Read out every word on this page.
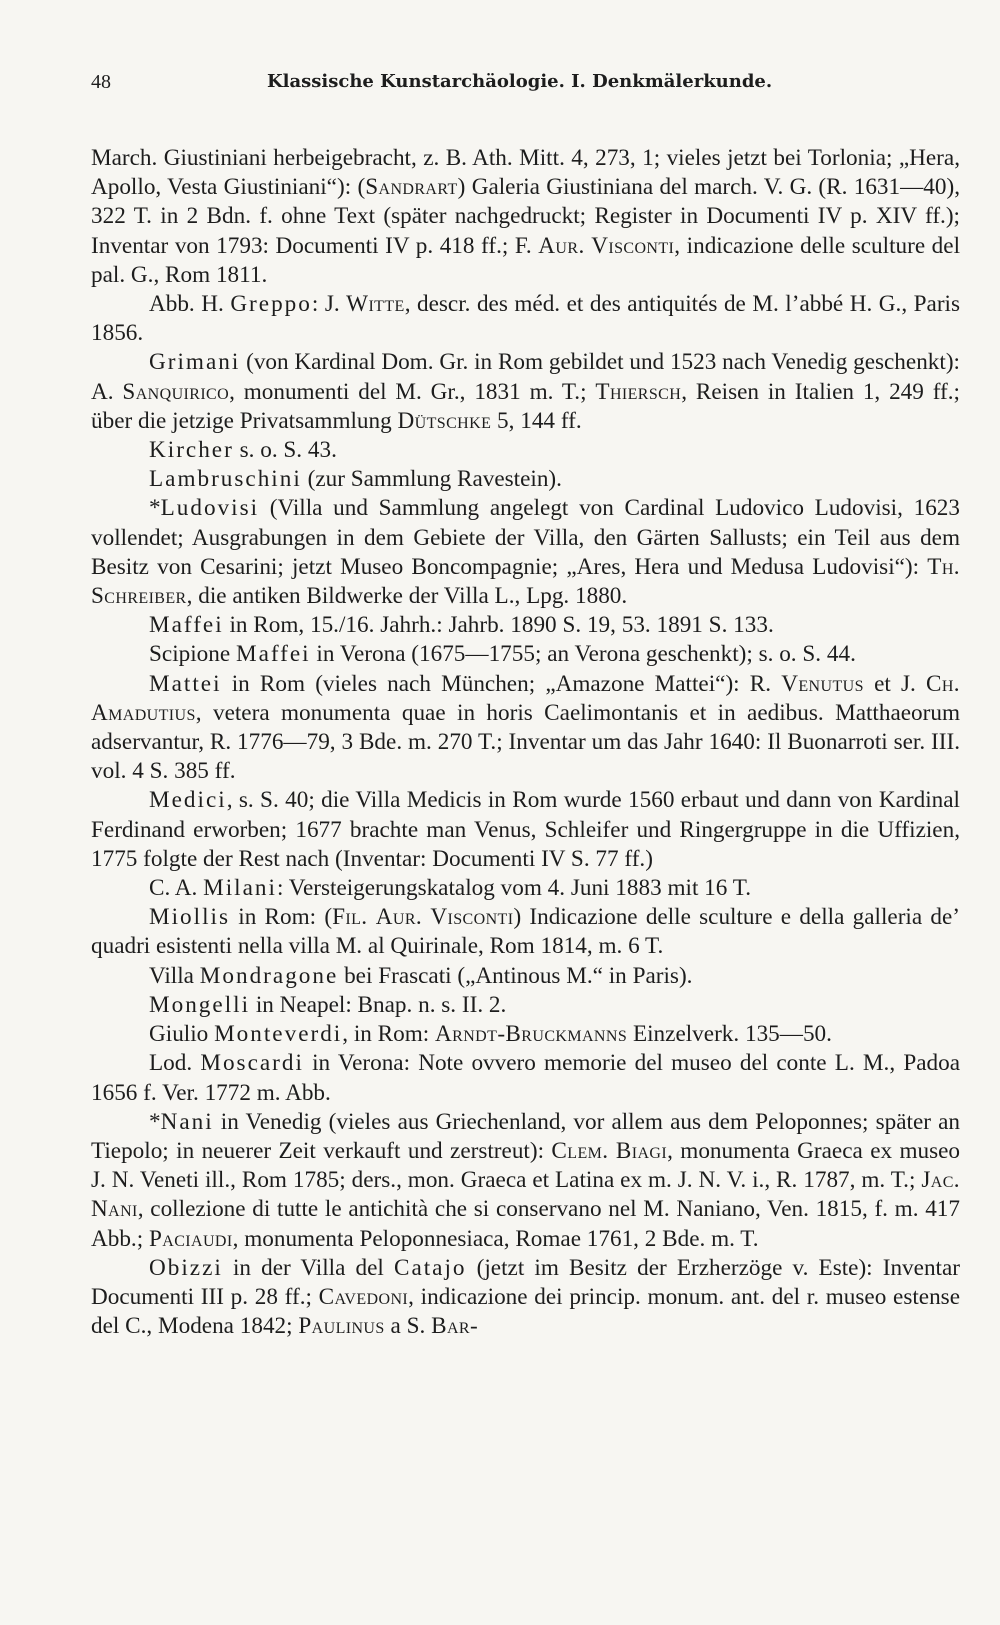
48	Klassische Kunstarchäologie. I. Denkmälerkunde.

March. Giustiniani herbeigebracht, z. B. Ath. Mitt. 4, 273, 1; vieles jetzt bei Torlonia; „Hera, Apollo, Vesta Giustiniani“): (Sandrart) Galeria Giustiniana del march. V. G. (R. 1631—40), 322 T. in 2 Bdn. f. ohne Text (später nachgedruckt; Register in Documenti IV p. XIV ff.); Inventar von 1793: Documenti IV p. 418 ff.; F. Aur. Visconti, indicazione delle sculture del pal. G., Rom 1811.

Abb. H. Greppo: J. Witte, descr. des méd. et des antiquités de M. l’abbé H. G., Paris 1856.

Grimani (von Kardinal Dom. Gr. in Rom gebildet und 1523 nach Venedig geschenkt): A. Sanquirico, monumenti del M. Gr., 1831 m. T.; Thiersch, Reisen in Italien 1, 249 ff.; über die jetzige Privatsammlung Dütschke 5, 144 ff.

Kircher s. o. S. 43.

Lambruschini (zur Sammlung Ravestein).

*Ludovisi (Villa und Sammlung angelegt von Cardinal Ludovico Ludovisi, 1623 vollendet; Ausgrabungen in dem Gebiete der Villa, den Gärten Sallusts; ein Teil aus dem Besitz von Cesarini; jetzt Museo Boncompagnie; „Ares, Hera und Medusa Ludovisi“): Th. Schreiber, die antiken Bildwerke der Villa L., Lpg. 1880.

Maffei in Rom, 15./16. Jahrh.: Jahrb. 1890 S. 19, 53. 1891 S. 133.

Scipione Maffei in Verona (1675—1755; an Verona geschenkt); s. o. S. 44.

Mattei in Rom (vieles nach München; „Amazone Mattei“): R. Venutus et J. Ch. Amadutius, vetera monumenta quae in horis Caelimontanis et in aedibus. Matthaeorum adservantur, R. 1776—79, 3 Bde. m. 270 T.; Inventar um das Jahr 1640: Il Buonarroti ser. III. vol. 4 S. 385 ff.

Medici, s. S. 40; die Villa Medicis in Rom wurde 1560 erbaut und dann von Kardinal Ferdinand erworben; 1677 brachte man Venus, Schleifer und Ringergruppe in die Uffizien, 1775 folgte der Rest nach (Inventar: Documenti IV S. 77 ff.)

C. A. Milani: Versteigerungskatalog vom 4. Juni 1883 mit 16 T.

Miollis in Rom: (Fil. Aur. Visconti) Indicazione delle sculture e della galleria de’ quadri esistenti nella villa M. al Quirinale, Rom 1814, m. 6 T.

Villa Mondragone bei Frascati („Antinous M.“ in Paris).

Mongelli in Neapel: Bnap. n. s. II. 2.

Giulio Monteverdi, in Rom: Arndt-Bruckmanns Einzelverk. 135—50.

Lod. Moscardi in Verona: Note ovvero memorie del museo del conte L. M., Padoa 1656 f. Ver. 1772 m. Abb.

*Nani in Venedig (vieles aus Griechenland, vor allem aus dem Peloponnes; später an Tiepolo; in neuerer Zeit verkauft und zerstreut): Clem. Biagi, monumenta Graeca ex museo J. N. Veneti ill., Rom 1785; ders., mon. Graeca et Latina ex m. J. N. V. i., R. 1787, m. T.; Jac. Nani, collezione di tutte le antichità che si conservano nel M. Naniano, Ven. 1815, f. m. 417 Abb.; Paciaudi, monumenta Peloponnesiaca, Romae 1761, 2 Bde. m. T.

Obizzi in der Villa del Catajo (jetzt im Besitz der Erzherzöge v. Este): Inventar Documenti III p. 28 ff.; Cavedoni, indicazione dei princip. monum. ant. del r. museo estense del C., Modena 1842; Paulinus a S. Bar-
